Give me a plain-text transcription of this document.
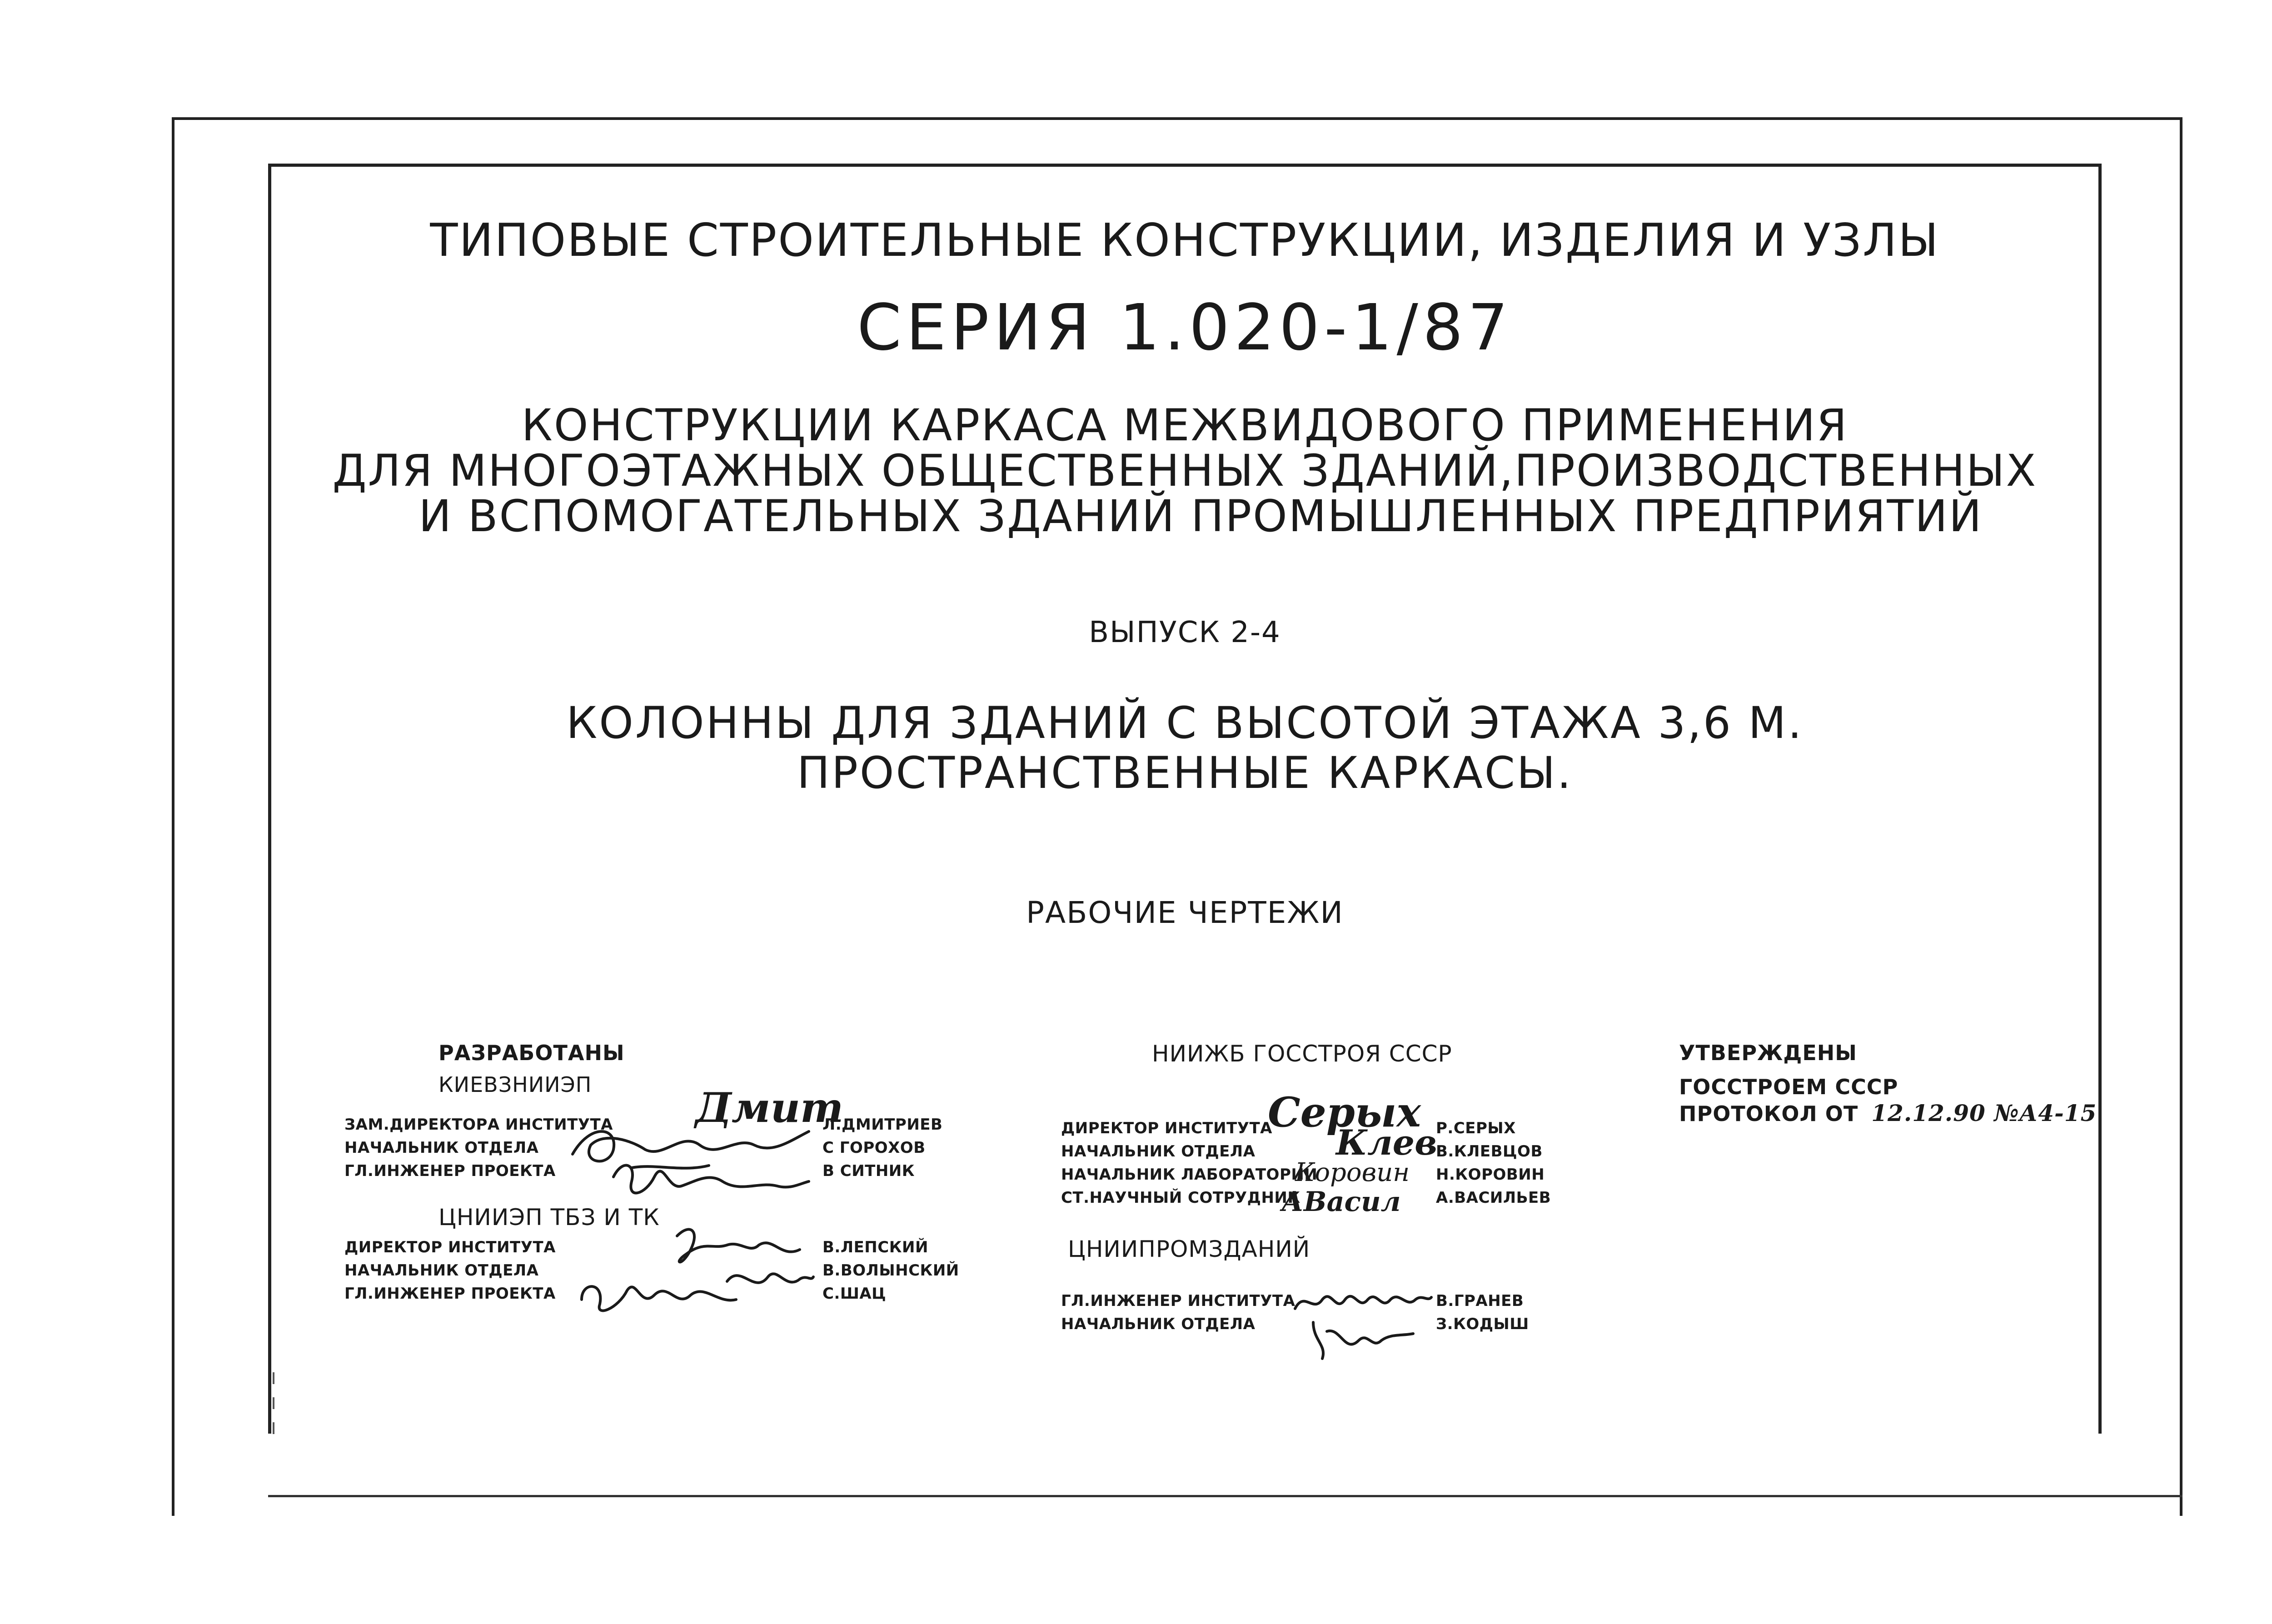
ТИПОВЫЕ СТРОИТЕЛЬНЫЕ КОНСТРУКЦИИ, ИЗДЕЛИЯ И УЗЛЫ
СЕРИЯ 1.020-1/87
КОНСТРУКЦИИ КАРКАСА МЕЖВИДОВОГО ПРИМЕНЕНИЯ
ДЛЯ МНОГОЭТАЖНЫХ ОБЩЕСТВЕННЫХ ЗДАНИЙ,ПРОИЗВОДСТВЕННЫХ
И ВСПОМОГАТЕЛЬНЫХ ЗДАНИЙ ПРОМЫШЛЕННЫХ ПРЕДПРИЯТИЙ
ВЫПУСК 2-4
КОЛОННЫ ДЛЯ ЗДАНИЙ С ВЫСОТОЙ ЭТАЖА 3,6 М.
ПРОСТРАНСТВЕННЫЕ КАРКАСЫ.
РАБОЧИЕ ЧЕРТЕЖИ
РАЗРАБОТАНЫ
КИЕВЗНИИЭП
ЗАМ.ДИРЕКТОРА ИНСТИТУТА
НАЧАЛЬНИК ОТДЕЛА
ГЛ.ИНЖЕНЕР ПРОЕКТА
Л.ДМИТРИЕВ
С ГОРОХОВ
В СИТНИК
Дмит
ЦНИИЭП ТБЗ И ТК
ДИРЕКТОР ИНСТИТУТА
НАЧАЛЬНИК ОТДЕЛА
ГЛ.ИНЖЕНЕР ПРОЕКТА
В.ЛЕПСКИЙ
В.ВОЛЫНСКИЙ
С.ШАЦ
НИИЖБ ГОССТРОЯ СССР
ДИРЕКТОР ИНСТИТУТА
НАЧАЛЬНИК ОТДЕЛА
НАЧАЛЬНИК ЛАБОРАТОРИИ
СТ.НАУЧНЫЙ СОТРУДНИК
Р.СЕРЫХ
В.КЛЕВЦОВ
Н.КОРОВИН
А.ВАСИЛЬЕВ
Серых
Клев
Коровин
АВасил
ЦНИИПРОМЗДАНИЙ
ГЛ.ИНЖЕНЕР ИНСТИТУТА
НАЧАЛЬНИК ОТДЕЛА
В.ГРАНЕВ
З.КОДЫШ
УТВЕРЖДЕНЫ
ГОССТРОЕМ СССР
ПРОТОКОЛ ОТ 12.12.90 №А4-15
